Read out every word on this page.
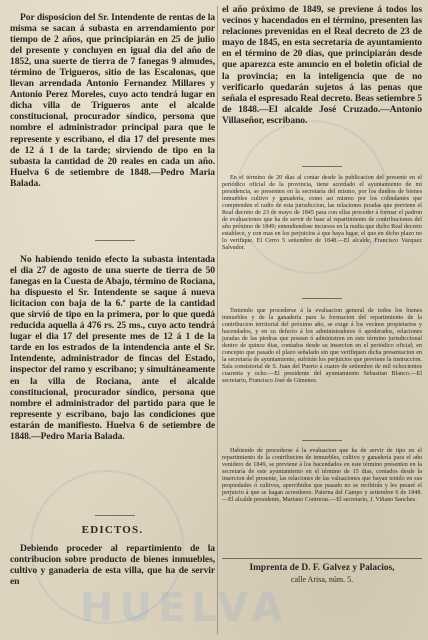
HUELVA
Por disposicion del Sr. Intendente de rentas de la misma se sacan á subasta en arrendamiento por tiempo de 2 años, que principiarán en 25 de julio del presente y concluyen en igual dia del año de 1852, una suerte de tierra de 7 fanegas 9 almudes, término de Trigueros, sitio de las Escalonas, que llevan arrendada Antonio Fernandez Millares y Antonio Perez Moreles, cuyo acto tendrá lugar en dicha villa de Trigueros ante el alcalde constitucional, procurador síndico, persona que nombre el administrador principal para que le represente y escribano, el dia 17 del presente mes de 12 á 1 de la tarde; sirviendo de tipo en la subasta la cantidad de 20 reales en cada un año. Huelva 6 de setiembre de 1848.—Pedro Maria Balada.
No habiendo tenido efecto la subasta intentada el dia 27 de agosto de una suerte de tierra de 50 fanegas en la Cuesta de Abajo, término de Rociana, ha dispuesto el Sr. Intendente se saque á nueva licitacion con baja de la 6.ª parte de la cantidad que sirvió de tipo en la primera, por lo que quedá reducida aquella á 476 rs. 25 ms., cuyo acto tendrá lugar el dia 17 del presente mes de 12 á 1 de la tarde en los estrados de la intendencia ante el Sr. Intendente, administrador de fincas del Estado, inspector del ramo y escribano; y simultáneamente en la villa de Rociana, ante el alcalde constitucional, procurador síndico, persona que nombre el administrador del partido para que le represente y escribano, bajo las condiciones que estarán de manifiesto. Huelva 6 de setiembre de 1848.—Pedro Maria Balada.
EDICTOS.
Debiendo proceder al repartimiento de la contribucion sobre producto de bienes inmuebles, cultivo y ganaderia de esta villa, que ha de servir en
el año próximo de 1849, se previene á todos los vecinos y hacendados en el término, presenten las relaciones prevenidas en el Real decreto de 23 de mayo de 1845, en esta secretaría de ayuntamiento en el término de 20 dias, que principiarán desde que aparezca este anuncio en el boletin oficial de la provincia; en la inteligencia que de no verificarlo quedarán sujetos á las penas que señala el espresado Real decreto. Beas setiembre 5 de 1848.—El alcalde José Cruzado.—Antonio Villaseñor, escribano.
En el término de 20 dias al contar desde la publicacion del presente en el periódico oficial de la provincia, tiene acordado el ayuntamiento de mi presidencia, se presenten en la secretaría del mismo, por los dueños de bienes inmuebles cultivo y ganadería, como asi mismo por los colindantes que comprenden el radio de esta jurisdiccion, las relaciones juradas que previene el Real decreto de 23 de mayo de 1845 para con ellas proceder á formar el padron de evaluaciones que ha de servir de base al repartimiento de contribuciones del año próximo de 1849; entendiendose incursos en la multa que dicho Real decreto establece, y con mas en los perjuicios á que haya lugar, el que en dicho plazo no lo verifique. El Cerro 5 setiembre de 1848.—El alcalde, Francisco Vazquez Salvador.
Teniendo que procederse á la evaluacion general de todos los bienes inmuebles y de la ganadería para la formacion del repartimiento de la contribucion territorial del próximo año, se exige á los vecinos propietarios y hacendados, y en su defecto á los administradores ó apoderados, relaciones juradas de las piedras que posean ó administren en este término jurisdiccional dentro de quince dias, contados desde su insercion en el periódico oficial; en concepto que pasado el plazo señalado sin que verifiquen dicha presentacion en la secretaría de ayuntamiento, sufrirán los perjuicios que previene la instruccion. Sala consistorial de S. Juan del Puerto á cuatro de setiembre de mil ochocientos cuarenta y ocho.—El presidente del ayuntamiento Sebastian Blanco.—El secretario, Francisco José de Gimenez.
Habiendo de procederse á la evaluacion que ha de servir de tipo en el repartimiento de la contribucion de inmuebles, cultivo y ganadería para el año venidero de 1849, se previene á los hacendados en este término presenten en la secretaría de este ayuntamiento en el término de 15 dias, contados desde la insercion del presente, las relaciones de las valuaciones que hayan tenido en sus propiedades ó cultivos, apercibidos que pasado no se recibirán y les pesaré el perjuicio á que se hagan acreedores. Paterna del Campo y setiembre 6 de 1848.—El alcalde presidente, Mariano Contreras.—El secretario, J. Viñano Sanchez.
Imprenta de D. F. Galvez y Palacios,
calle Arisa, núm. 5.
